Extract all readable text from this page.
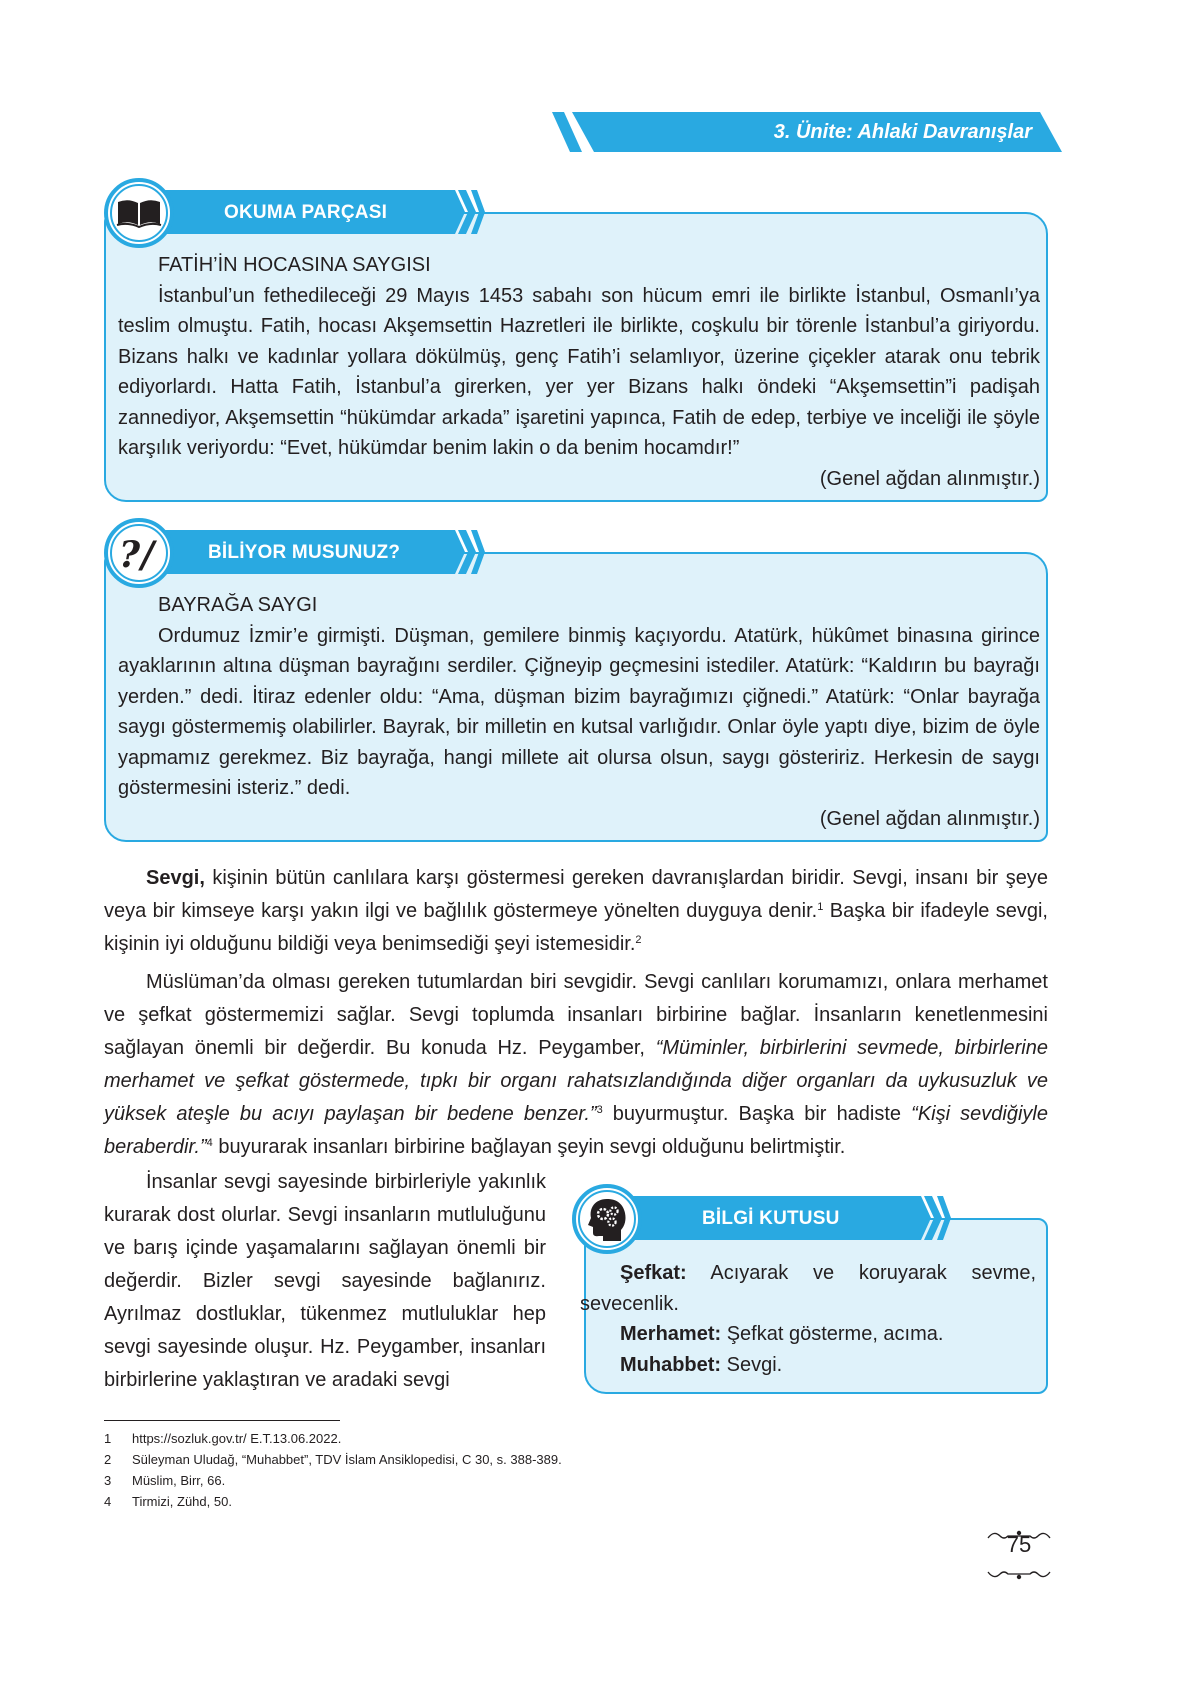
3. Ünite: Ahlaki Davranışlar
OKUMA PARÇASI

FATİH’İN HOCASINA SAYGISI

İstanbul’un fethedileceği 29 Mayıs 1453 sabahı son hücum emri ile birlikte İstanbul, Osmanlı’ya teslim olmuştu. Fatih, hocası Akşemsettin Hazretleri ile birlikte, coşkulu bir törenle İstanbul’a giriyordu. Bizans halkı ve kadınlar yollara dökülmüş, genç Fatih’i selamlıyor, üzerine çiçekler atarak onu tebrik ediyorlardı. Hatta Fatih, İstanbul’a girerken, yer yer Bizans halkı öndeki “Akşemsettin”i padişah zannediyor, Akşemsettin “hükümdar arkada” işaretini yapınca, Fatih de edep, terbiye ve inceliği ile şöyle karşılık veriyordu: “Evet, hükümdar benim lakin o da benim hocamdır!”

(Genel ağdan alınmıştır.)

BİLİYOR MUSUNUZ?
? /

BAYRAĞA SAYGI

Ordumuz İzmir’e girmişti. Düşman, gemilere binmiş kaçıyordu. Atatürk, hükûmet binasına girince ayaklarının altına düşman bayrağını serdiler. Çiğneyip geçmesini istediler. Atatürk: “Kaldırın bu bayrağı yerden.” dedi. İtiraz edenler oldu: “Ama, düşman bizim bayrağımızı çiğnedi.” Atatürk: “Onlar bayrağa saygı göstermemiş olabilirler. Bayrak, bir milletin en kutsal varlığıdır. Onlar öyle yaptı diye, bizim de öyle yapmamız gerekmez. Biz bayrağa, hangi millete ait olursa olsun, saygı gösteririz. Herkesin de saygı göstermesini isteriz.” dedi.

(Genel ağdan alınmıştır.)

Sevgi, kişinin bütün canlılara karşı göstermesi gereken davranışlardan biridir. Sevgi, insanı bir şeye veya bir kimseye karşı yakın ilgi ve bağlılık göstermeye yönelten duyguya denir.$^1$ Başka bir ifadeyle sevgi, kişinin iyi olduğunu bildiği veya benimsediği şeyi istemesidir.$^2$

Müslüman’da olması gereken tutumlardan biri sevgidir. Sevgi canlıları korumamızı, onlara merhamet ve şefkat göstermemizi sağlar. Sevgi toplumda insanları birbirine bağlar. İnsanların kenetlenmesini sağlayan önemli bir değerdir. Bu konuda Hz. Peygamber, “Müminler, birbirlerini sevmede, birbirlerine merhamet ve şefkat göstermede, tıpkı bir organı rahatsızlandığında diğer organları da uykusuzluk ve yüksek ateşle bu acıyı paylaşan bir bedene benzer.”$^3$ buyurmuştur. Başka bir hadiste “Kişi sevdiğiyle beraberdir.”$^4$ buyurarak insanları birbirine bağlayan şeyin sevgi olduğunu belirtmiştir.

İnsanlar sevgi sayesinde birbirleriyle yakınlık kurarak dost olurlar. Sevgi insanların mutluluğunu ve barış içinde yaşamalarını sağlayan önemli bir değerdir. Bizler sevgi sayesinde bağlanırız. Ayrılmaz dostluklar, tükenmez mutluluklar hep sevgi sayesinde oluşur. Hz. Peygamber, insanları birbirlerine yaklaştıran ve aradaki sevgi

BİLGİ KUTUSU

Şefkat: Acıyarak ve koruyarak sevme, sevecenlik.

Merhamet: Şefkat gösterme, acıma.

Muhabbet: Sevgi.

1	https://sozluk.gov.tr/ E.T.13.06.2022.
2	Süleyman Uludağ, “Muhabbet”, TDV İslam Ansiklopedisi, C 30, s. 388-389.
3	Müslim, Birr, 66.
4	Tirmizi, Zühd, 50.
75
